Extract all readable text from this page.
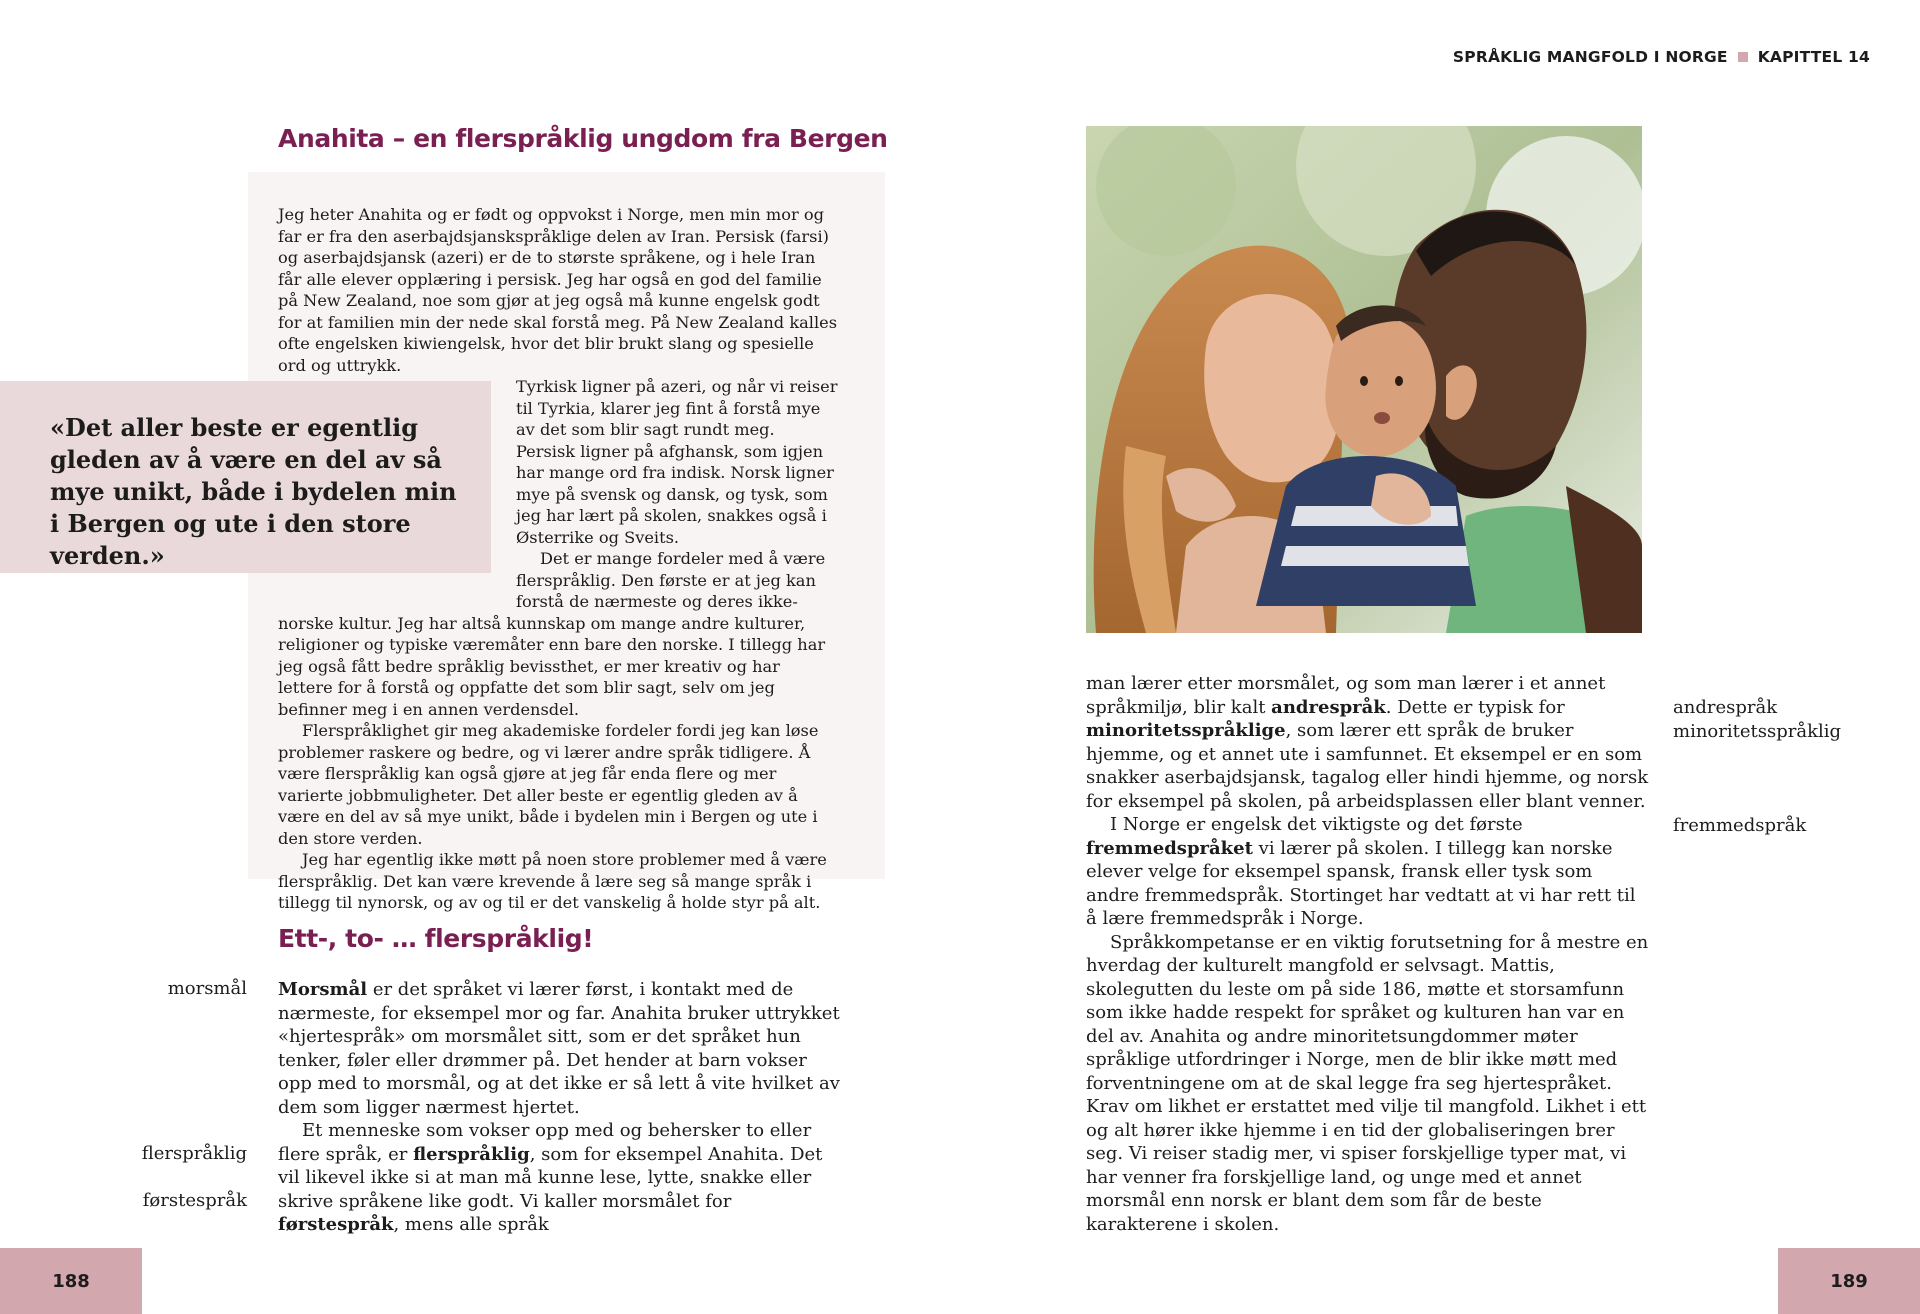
SPRÅKLIG MANGFOLD I NORGE KAPITTEL 14
Anahita – en flerspråklig ungdom fra Bergen

Jeg heter Anahita og er født og oppvokst i Norge, men min mor og far er fra den aserbajdsjanskspråklige delen av Iran. Persisk (farsi) og aserbajdsjansk (azeri) er de to største språkene, og i hele Iran får alle elever opplæring i persisk. Jeg har også en god del familie på New Zealand, noe som gjør at jeg også må kunne engelsk godt for at familien min der nede skal forstå meg. På New Zealand kalles ofte engelsken kiwiengelsk, hvor det blir brukt slang og spesielle ord og uttrykk.

Tyrkisk ligner på azeri, og når vi reiser til Tyrkia, klarer jeg fint å forstå mye av det som blir sagt rundt meg. Persisk ligner på afghansk, som igjen har mange ord fra indisk. Norsk ligner mye på svensk og dansk, og tysk, som jeg har lært på skolen, snakkes også i Østerrike og Sveits.

Det er mange fordeler med å være flerspråklig. Den første er at jeg kan forstå de nærmeste og deres ikke-norske kultur. Jeg har altså kunnskap om mange andre kulturer, religioner og typiske væremåter enn bare den norske. I tillegg har jeg også fått bedre språklig bevissthet, er mer kreativ og har lettere for å forstå og oppfatte det som blir sagt, selv om jeg befinner meg i en annen verdensdel.

Flerspråklighet gir meg akademiske fordeler fordi jeg kan løse problemer raskere og bedre, og vi lærer andre språk tidligere. Å være flerspråklig kan også gjøre at jeg får enda flere og mer varierte jobbmuligheter. Det aller beste er egentlig gleden av å være en del av så mye unikt, både i bydelen min i Bergen og ute i den store verden.

Jeg har egentlig ikke møtt på noen store problemer med å være flerspråklig. Det kan være krevende å lære seg så mange språk i tillegg til nynorsk, og av og til er det vanskelig å holde styr på alt.

«Det aller beste er egentlig gleden av å være en del av så mye unikt, både i bydelen min i Bergen og ute i den store verden.»
Ett-, to- … flerspråklig!
morsmål
flerspråklig
førstespråk

Morsmål er det språket vi lærer først, i kontakt med de nærmeste, for eksempel mor og far. Anahita bruker uttrykket «hjertespråk» om morsmålet sitt, som er det språket hun tenker, føler eller drømmer på. Det hender at barn vokser opp med to morsmål, og at det ikke er så lett å vite hvilket av dem som ligger nærmest hjertet.

Et menneske som vokser opp med og behersker to eller flere språk, er flerspråklig, som for eksempel Anahita. Det vil likevel ikke si at man må kunne lese, lytte, snakke eller skrive språkene like godt. Vi kaller morsmålet for førstespråk, mens alle språk

188

man lærer etter morsmålet, og som man lærer i et annet språkmiljø, blir kalt andrespråk. Dette er typisk for minoritetsspråklige, som lærer ett språk de bruker hjemme, og et annet ute i samfunnet. Et eksempel er en som snakker aserbajdsjansk, tagalog eller hindi hjemme, og norsk for eksempel på skolen, på arbeidsplassen eller blant venner.

I Norge er engelsk det viktigste og det første fremmedspråket vi lærer på skolen. I tillegg kan norske elever velge for eksempel spansk, fransk eller tysk som andre fremmedspråk. Stortinget har vedtatt at vi har rett til å lære fremmedspråk i Norge.

Språkkompetanse er en viktig forutsetning for å mestre en hverdag der kulturelt mangfold er selvsagt. Mattis, skolegutten du leste om på side 186, møtte et storsamfunn som ikke hadde respekt for språket og kulturen han var en del av. Anahita og andre minoritetsungdommer møter språklige utfordringer i Norge, men de blir ikke møtt med forventningene om at de skal legge fra seg hjertespråket. Krav om likhet er erstattet med vilje til mangfold. Likhet i ett og alt hører ikke hjemme i en tid der globaliseringen brer seg. Vi reiser stadig mer, vi spiser forskjellige typer mat, vi har venner fra forskjellige land, og unge med et annet morsmål enn norsk er blant dem som får de beste karakterene i skolen.

andrespråk
minoritetsspråklig
fremmedspråk
189
